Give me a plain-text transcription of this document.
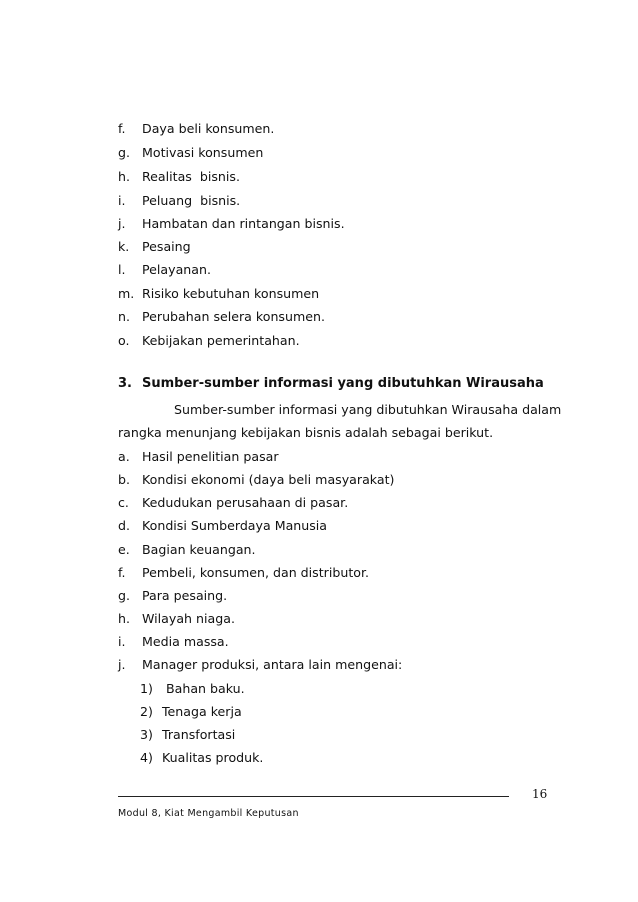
f. Daya beli konsumen.
g. Motivasi konsumen
h. Realitas  bisnis.
i. Peluang  bisnis.
j. Hambatan dan rintangan bisnis.
k. Pesaing
l. Pelayanan.
m. Risiko kebutuhan konsumen
n. Perubahan selera konsumen.
o. Kebijakan pemerintahan.
3. Sumber-sumber informasi yang dibutuhkan Wirausaha
Sumber-sumber informasi yang dibutuhkan Wirausaha dalam
rangka menunjang kebijakan bisnis adalah sebagai berikut.
a. Hasil penelitian pasar
b. Kondisi ekonomi (daya beli masyarakat)
c. Kedudukan perusahaan di pasar.
d. Kondisi Sumberdaya Manusia
e. Bagian keuangan.
f. Pembeli, konsumen, dan distributor.
g. Para pesaing.
h. Wilayah niaga.
i. Media massa.
j. Manager produksi, antara lain mengenai:
1) Bahan baku.
2) Tenaga kerja
3) Transfortasi
4) Kualitas produk.
16
Modul 8, Kiat Mengambil Keputusan
